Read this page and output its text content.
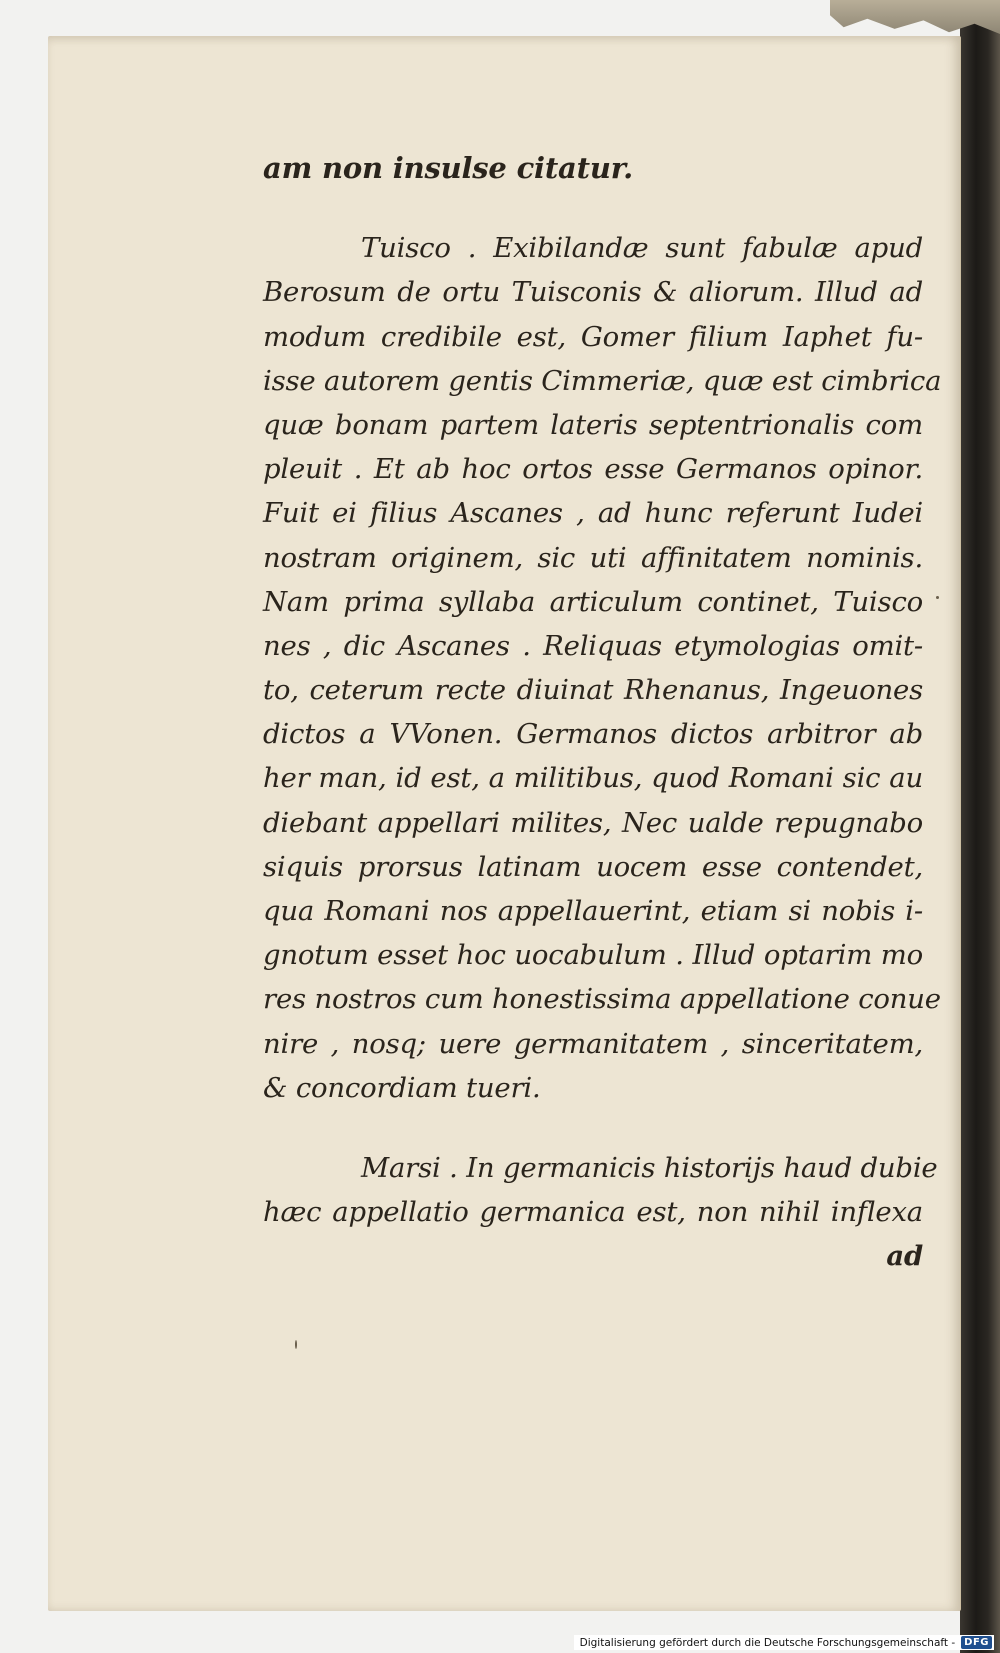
am non insulse citatur.
Tuisco . Exibilandæ sunt fabulæ apud
Berosum de ortu Tuisconis & aliorum. Illud ad
modum credibile est, Gomer filium Iaphet fu-
isse autorem gentis Cimmeriæ, quæ est cimbrica
quæ bonam partem lateris septentrionalis com
pleuit . Et ab hoc ortos esse Germanos opinor.
Fuit ei filius Ascanes , ad hunc referunt Iudei
nostram originem, sic uti affinitatem nominis.
Nam prima syllaba articulum continet, Tuisco
nes , dic Ascanes . Reliquas etymologias omit-
to, ceterum recte diuinat Rhenanus, Ingeuones
dictos a VVonen. Germanos dictos arbitror ab
her man, id est, a militibus, quod Romani sic au
diebant appellari milites, Nec ualde repugnabo
siquis prorsus latinam uocem esse contendet,
qua Romani nos appellauerint, etiam si nobis i-
gnotum esset hoc uocabulum . Illud optarim mo
res nostros cum honestissima appellatione conue
nire , nosq; uere germanitatem , sinceritatem,
& concordiam tueri.
Marsi . In germanicis historijs haud dubie
hæc appellatio germanica est, non nihil inflexa
ad
Digitalisierung gefördert durch die Deutsche Forschungsgemeinschaft - DFG
